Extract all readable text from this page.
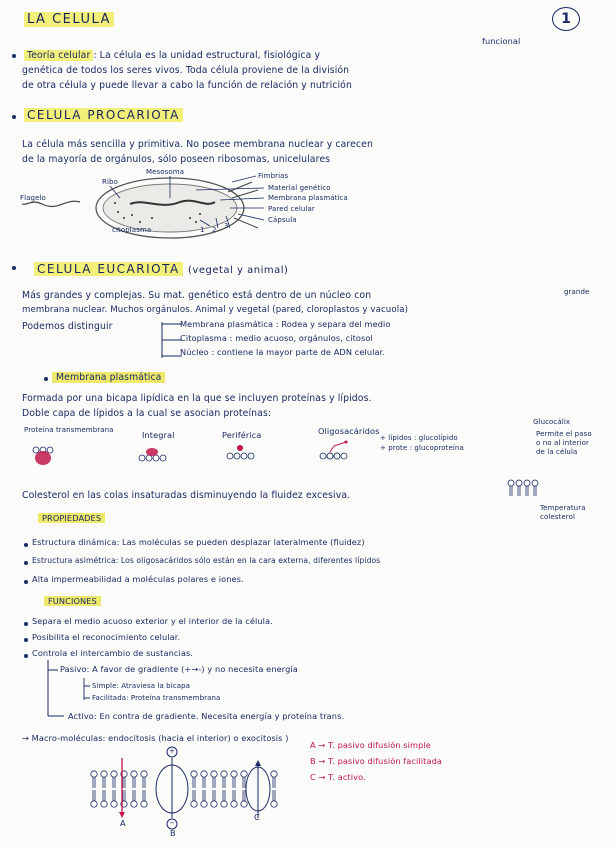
1
LA CELULA
funcional
Teoría celular : La célula es la unidad estructural, fisiológica y
genética de todos los seres vivos. Toda célula proviene de la división
de otra célula y puede llevar a cabo la función de relación y nutrición
CELULA PROCARIOTA
La célula más sencilla y primitiva. No posee membrana nuclear y carecen
de la mayoría de orgánulos, sólo poseen ribosomas, unicelulares
Ribo
Mesosoma
Flagelo
citoplasma	1 2 3
Fimbrias
Material genético
Membrana plasmática
Pared celular
Cápsula
CELULA EUCARIOTA (vegetal y animal)
Más grandes y complejas. Su mat. genético está dentro de un núcleo con	grande
membrana nuclear. Muchos orgánulos. Animal y vegetal (pared, cloroplastos y vacuola)
Podemos distinguir	Membrana plasmática : Rodea y separa del medio
Citoplasma : medio acuoso, orgánulos, citosol
Núcleo : contiene la mayor parte de ADN celular.
Membrana plasmática
Formada por una bicapa lipídica en la que se incluyen proteínas y lípidos.
Doble capa de lípidos a la cual se asocian proteínas:
Proteína transmembrana	Integral	Periférica	Oligosacáridos
+ lípidos : glucolípido
+ prote : glucoproteína
Glucocálix
Permite el paso o no al interior de la célula
Colesterol en las colas insaturadas disminuyendo la fluidez excesiva.
Temperatura colesterol
PROPIEDADES
Estructura dinámica: Las moléculas se pueden desplazar lateralmente (fluidez)
Estructura asimétrica: Los oligosacáridos sólo están en la cara externa, diferentes lípidos
Alta impermeabilidad a moléculas polares e iones.
FUNCIONES
Separa el medio acuoso exterior y el interior de la célula.
Posibilita el reconocimiento celular.
Controla el intercambio de sustancias.
Pasivo: A favor de gradiente (+→-) y no necesita energía
Simple: Atraviesa la bicapa
Facilitada: Proteína transmembrana
Activo: En contra de gradiente. Necesita energía y proteína trans.
→ Macro-moléculas: endocitosis (hacia el interior) o exocitosis )
+
−
A
B
C
A → T. pasivo difusión simple
B → T. pasivo difusión facilitada
C → T. activo.
